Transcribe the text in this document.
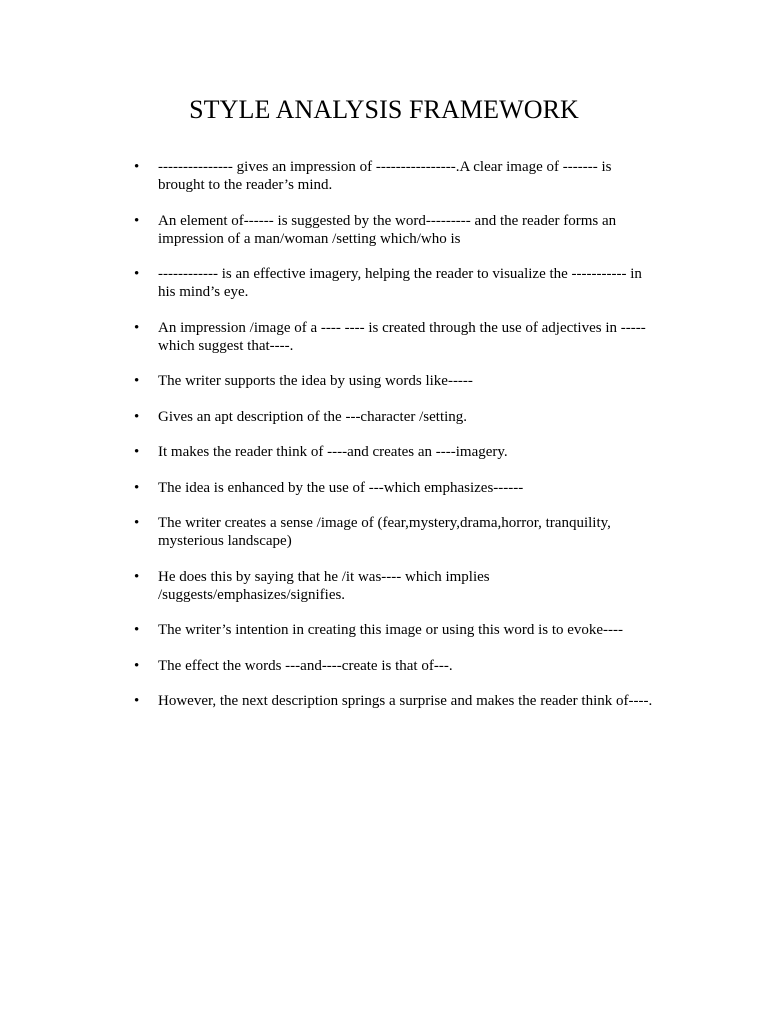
STYLE ANALYSIS FRAMEWORK
• --------------- gives an impression of ----------------.A clear image of ------- is brought to the reader’s mind.
• An element of------ is suggested by the word--------- and the reader forms an impression of a man/woman /setting which/who is
• ------------ is an effective imagery, helping the reader to visualize the ----------- in his mind’s eye.
• An impression /image of a ---- ---- is created through the use of adjectives in ----- which suggest that----.
• The writer supports the idea by using words like-----
• Gives an apt description of the ---character /setting.
• It makes the reader think of ----and creates an ----imagery.
• The idea is enhanced by the use of ---which emphasizes------
• The writer creates a sense /image of (fear,mystery,drama,horror, tranquility, mysterious landscape)
• He does this by saying that he /it was---- which implies /suggests/emphasizes/signifies.
• The writer’s intention in creating this image or using this word is to evoke----
• The effect the words ---and----create is that of---.
• However, the next description springs a surprise and makes the reader think of----.
